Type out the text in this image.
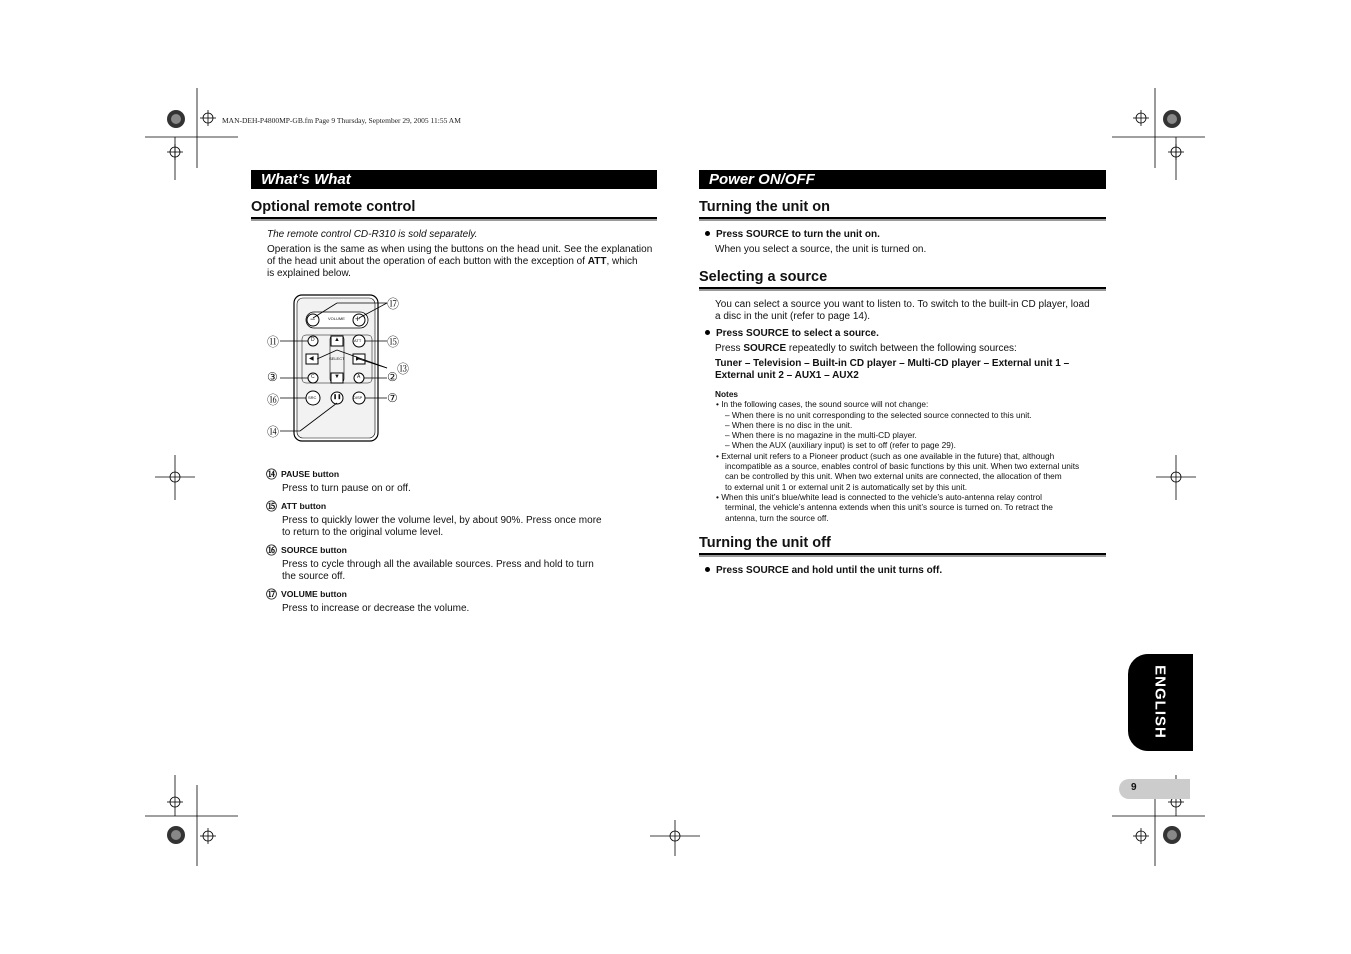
MAN-DEH-P4800MP-GB.fm Page 9 Thursday, September 29, 2005 11:55 AM
What’s What
Optional remote control
The remote control CD-R310 is sold separately.
Operation is the same as when using the buttons on the head unit. See the explanation
of the head unit about the operation of each button with the exception of ATT, which
is explained below.
VOLUME
SELECT
ATT
DISP
SRC
D
C	A
−	+
▲
▼
◀	▶
❚❚
⑰
⑪	⑮
⑬
③	②
⑯	⑦
⑭
⑭ PAUSE button
Press to turn pause on or off.
⑮ ATT button
Press to quickly lower the volume level, by about 90%. Press once more
to return to the original volume level.
⑯ SOURCE button
Press to cycle through all the available sources. Press and hold to turn
the source off.
⑰ VOLUME button
Press to increase or decrease the volume.
Power ON/OFF
Turning the unit on
Press SOURCE to turn the unit on.
When you select a source, the unit is turned on.
Selecting a source
You can select a source you want to listen to. To switch to the built-in CD player, load
a disc in the unit (refer to page 14).
Press SOURCE to select a source.
Press SOURCE repeatedly to switch between the following sources:
Tuner – Television – Built-in CD player – Multi-CD player – External unit 1 –
External unit 2 – AUX1 – AUX2
Notes
• In the following cases, the sound source will not change:
– When there is no unit corresponding to the selected source connected to this unit.
– When there is no disc in the unit.
– When there is no magazine in the multi-CD player.
– When the AUX (auxiliary input) is set to off (refer to page 29).
• External unit refers to a Pioneer product (such as one available in the future) that, although
incompatible as a source, enables control of basic functions by this unit. When two external units
can be controlled by this unit. When two external units are connected, the allocation of them
to external unit 1 or external unit 2 is automatically set by this unit.
• When this unit’s blue/white lead is connected to the vehicle’s auto-antenna relay control
terminal, the vehicle’s antenna extends when this unit’s source is turned on. To retract the
antenna, turn the source off.
Turning the unit off
Press SOURCE and hold until the unit turns off.
ENGLISH
9
